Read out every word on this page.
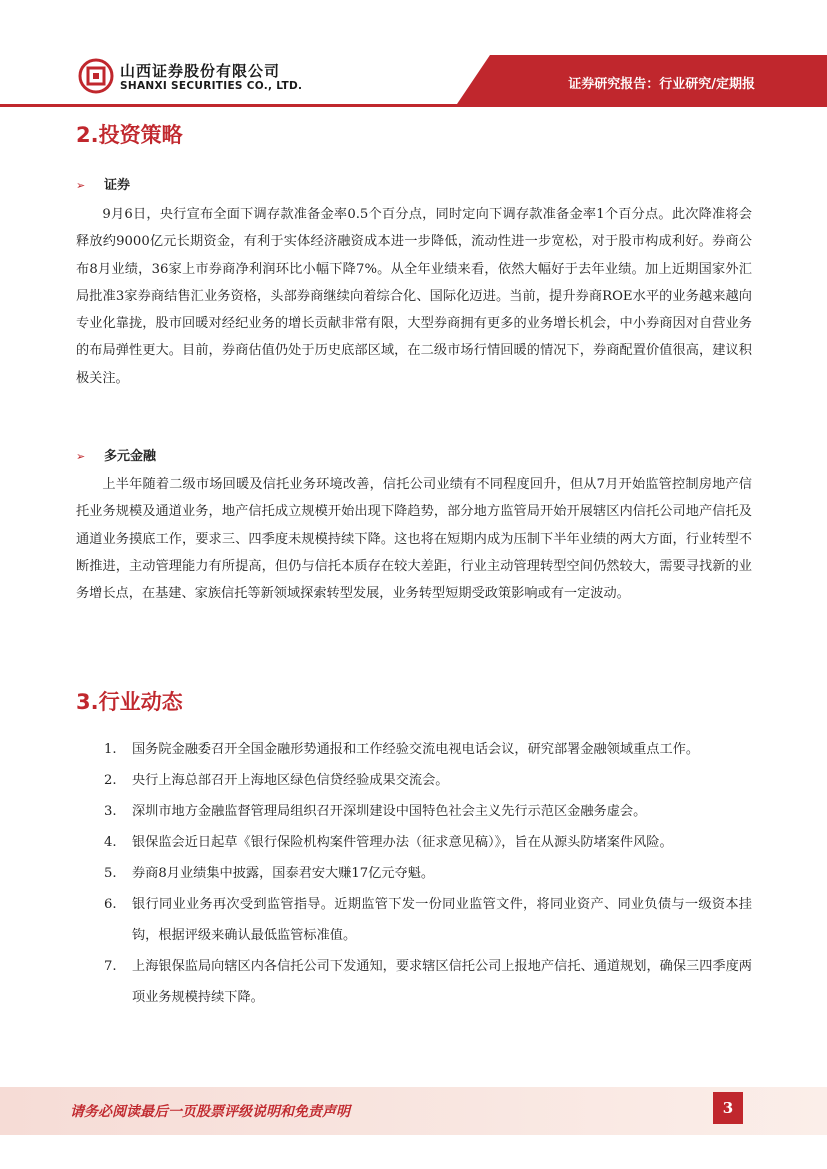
山西证券股份有限公司
SHANXI SECURITIES CO., LTD.	证券研究报告：行业研究/定期报
2.投资策略
➢ 证券

9月6日，央行宣布全面下调存款准备金率0.5个百分点，同时定向下调存款准备金率1个百分点。此次降准将会释放约9000亿元长期资金，有利于实体经济融资成本进一步降低，流动性进一步宽松，对于股市构成利好。券商公布8月业绩，36家上市券商净利润环比小幅下降7%。从全年业绩来看，依然大幅好于去年业绩。加上近期国家外汇局批准3家券商结售汇业务资格，头部券商继续向着综合化、国际化迈进。当前，提升券商ROE水平的业务越来越向专业化靠拢，股市回暖对经纪业务的增长贡献非常有限，大型券商拥有更多的业务增长机会，中小券商因对自营业务的布局弹性更大。目前，券商估值仍处于历史底部区域，在二级市场行情回暖的情况下，券商配置价值很高，建议积极关注。

➢ 多元金融

上半年随着二级市场回暖及信托业务环境改善，信托公司业绩有不同程度回升，但从7月开始监管控制房地产信托业务规模及通道业务，地产信托成立规模开始出现下降趋势，部分地方监管局开始开展辖区内信托公司地产信托及通道业务摸底工作，要求三、四季度未规模持续下降。这也将在短期内成为压制下半年业绩的两大方面，行业转型不断推进，主动管理能力有所提高，但仍与信托本质存在较大差距，行业主动管理转型空间仍然较大，需要寻找新的业务增长点，在基建、家族信托等新领域探索转型发展，业务转型短期受政策影响或有一定波动。

3.行业动态
1. 国务院金融委召开全国金融形势通报和工作经验交流电视电话会议，研究部署金融领域重点工作。
2. 央行上海总部召开上海地区绿色信贷经验成果交流会。
3. 深圳市地方金融监督管理局组织召开深圳建设中国特色社会主义先行示范区金融务虚会。
4. 银保监会近日起草《银行保险机构案件管理办法（征求意见稿）》，旨在从源头防堵案件风险。
5. 券商8月业绩集中披露，国泰君安大赚17亿元夺魁。
6. 银行同业业务再次受到监管指导。近期监管下发一份同业监管文件，将同业资产、同业负债与一级资本挂钩，根据评级来确认最低监管标准值。
7. 上海银保监局向辖区内各信托公司下发通知，要求辖区信托公司上报地产信托、通道规划，确保三四季度两项业务规模持续下降。
请务必阅读最后一页股票评级说明和免责声明	3
